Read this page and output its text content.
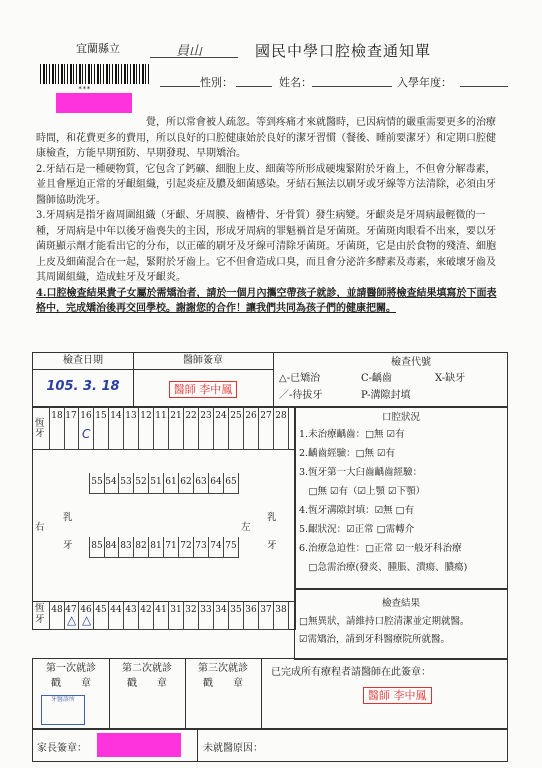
宜蘭縣立	員山	國民中學口腔檢查通知單
***	性別：	姓名：	入學年度：

覺，所以常會被人疏忽。等到疼痛才來就醫時，已因病情的嚴重需要更多的治療時間，和花費更多的費用，所以良好的口腔健康始於良好的潔牙習慣（餐後、睡前要潔牙）和定期口腔健康檢查，方能早期預防、早期發現、早期矯治。

2.牙結石是一種硬物質，它包含了鈣礦、細胞上皮、細菌等所形成硬塊緊附於牙齒上，不但會分解毒素，並且會壓迫正常的牙齦組織，引起炎症及膿及細菌感染。牙結石無法以刷牙或牙線等方法清除，必須由牙醫師協助洗牙。

3.牙周病是指牙齒周圍組織（牙齦、牙周膜、齒槽骨、牙骨質）發生病變。牙齦炎是牙周病最輕微的一種，牙周病是中年以後牙齒喪失的主因，形成牙周病的罪魁禍首是牙菌斑。牙菌斑肉眼看不出來，要以牙菌斑顯示劑才能看出它的分布，以正確的刷牙及牙線可清除牙菌斑。牙菌斑，它是由於食物的殘渣、細胞上皮及細菌混合在一起，緊附於牙齒上。它不但會造成口臭，而且會分泌許多酵素及毒素，來破壞牙齒及其周圍組織，造成蛀牙及牙齦炎。

4.口腔檢查結果貴子女屬於需矯治者，請於一個月內攜空帶孩子就診，並請醫師將檢查結果填寫於下面表格中，完成矯治後再交回學校。謝謝您的合作！讓我們共同為孩子們的健康把關。

檢查日期
105. 3. 18
醫師簽章
醫師 李中鳳
檢查代號
△-已矯治	C-齲齒	X-缺牙
／-待拔牙	P-溝隙封填
恆牙
18 17 16 15 14 13 12 11 21 22 23 24 25 26 27 28
C
右
乳牙
左
乳牙
55 54 53 52 51 61 62 63 64 65
85 84 83 82 81 71 72 73 74 75
恆牙
48 47 46 45 44 43 42 41 31 32 33 34 35 36 37 38
△ △
口腔狀況
1.未治療齲齒：□無 ☑有
2.齲齒經驗：□無 ☑有
3.恆牙第一大臼齒齲齒經驗：
　□無 ☑有（☑上顎 ☑下顎）
4.恆牙溝隙封填：☑無 □有
5.齦狀況：☑正常 □需轉介
6.治療急迫性：□正常 ☑一般牙科治療
　□急需治療(發炎、腫脹、潰瘍、膿瘍)
檢查結果
□無異狀，請維持口腔清潔並定期就醫。
☑需矯治，請到牙科醫療院所就醫。
第一次就診
戳　　章
牙醫診所
第二次就診
戳　　章
第三次就診
戳　　章
已完成所有療程者請醫師在此簽章：
醫師 李中鳳
家長簽章：	未就醫原因：
